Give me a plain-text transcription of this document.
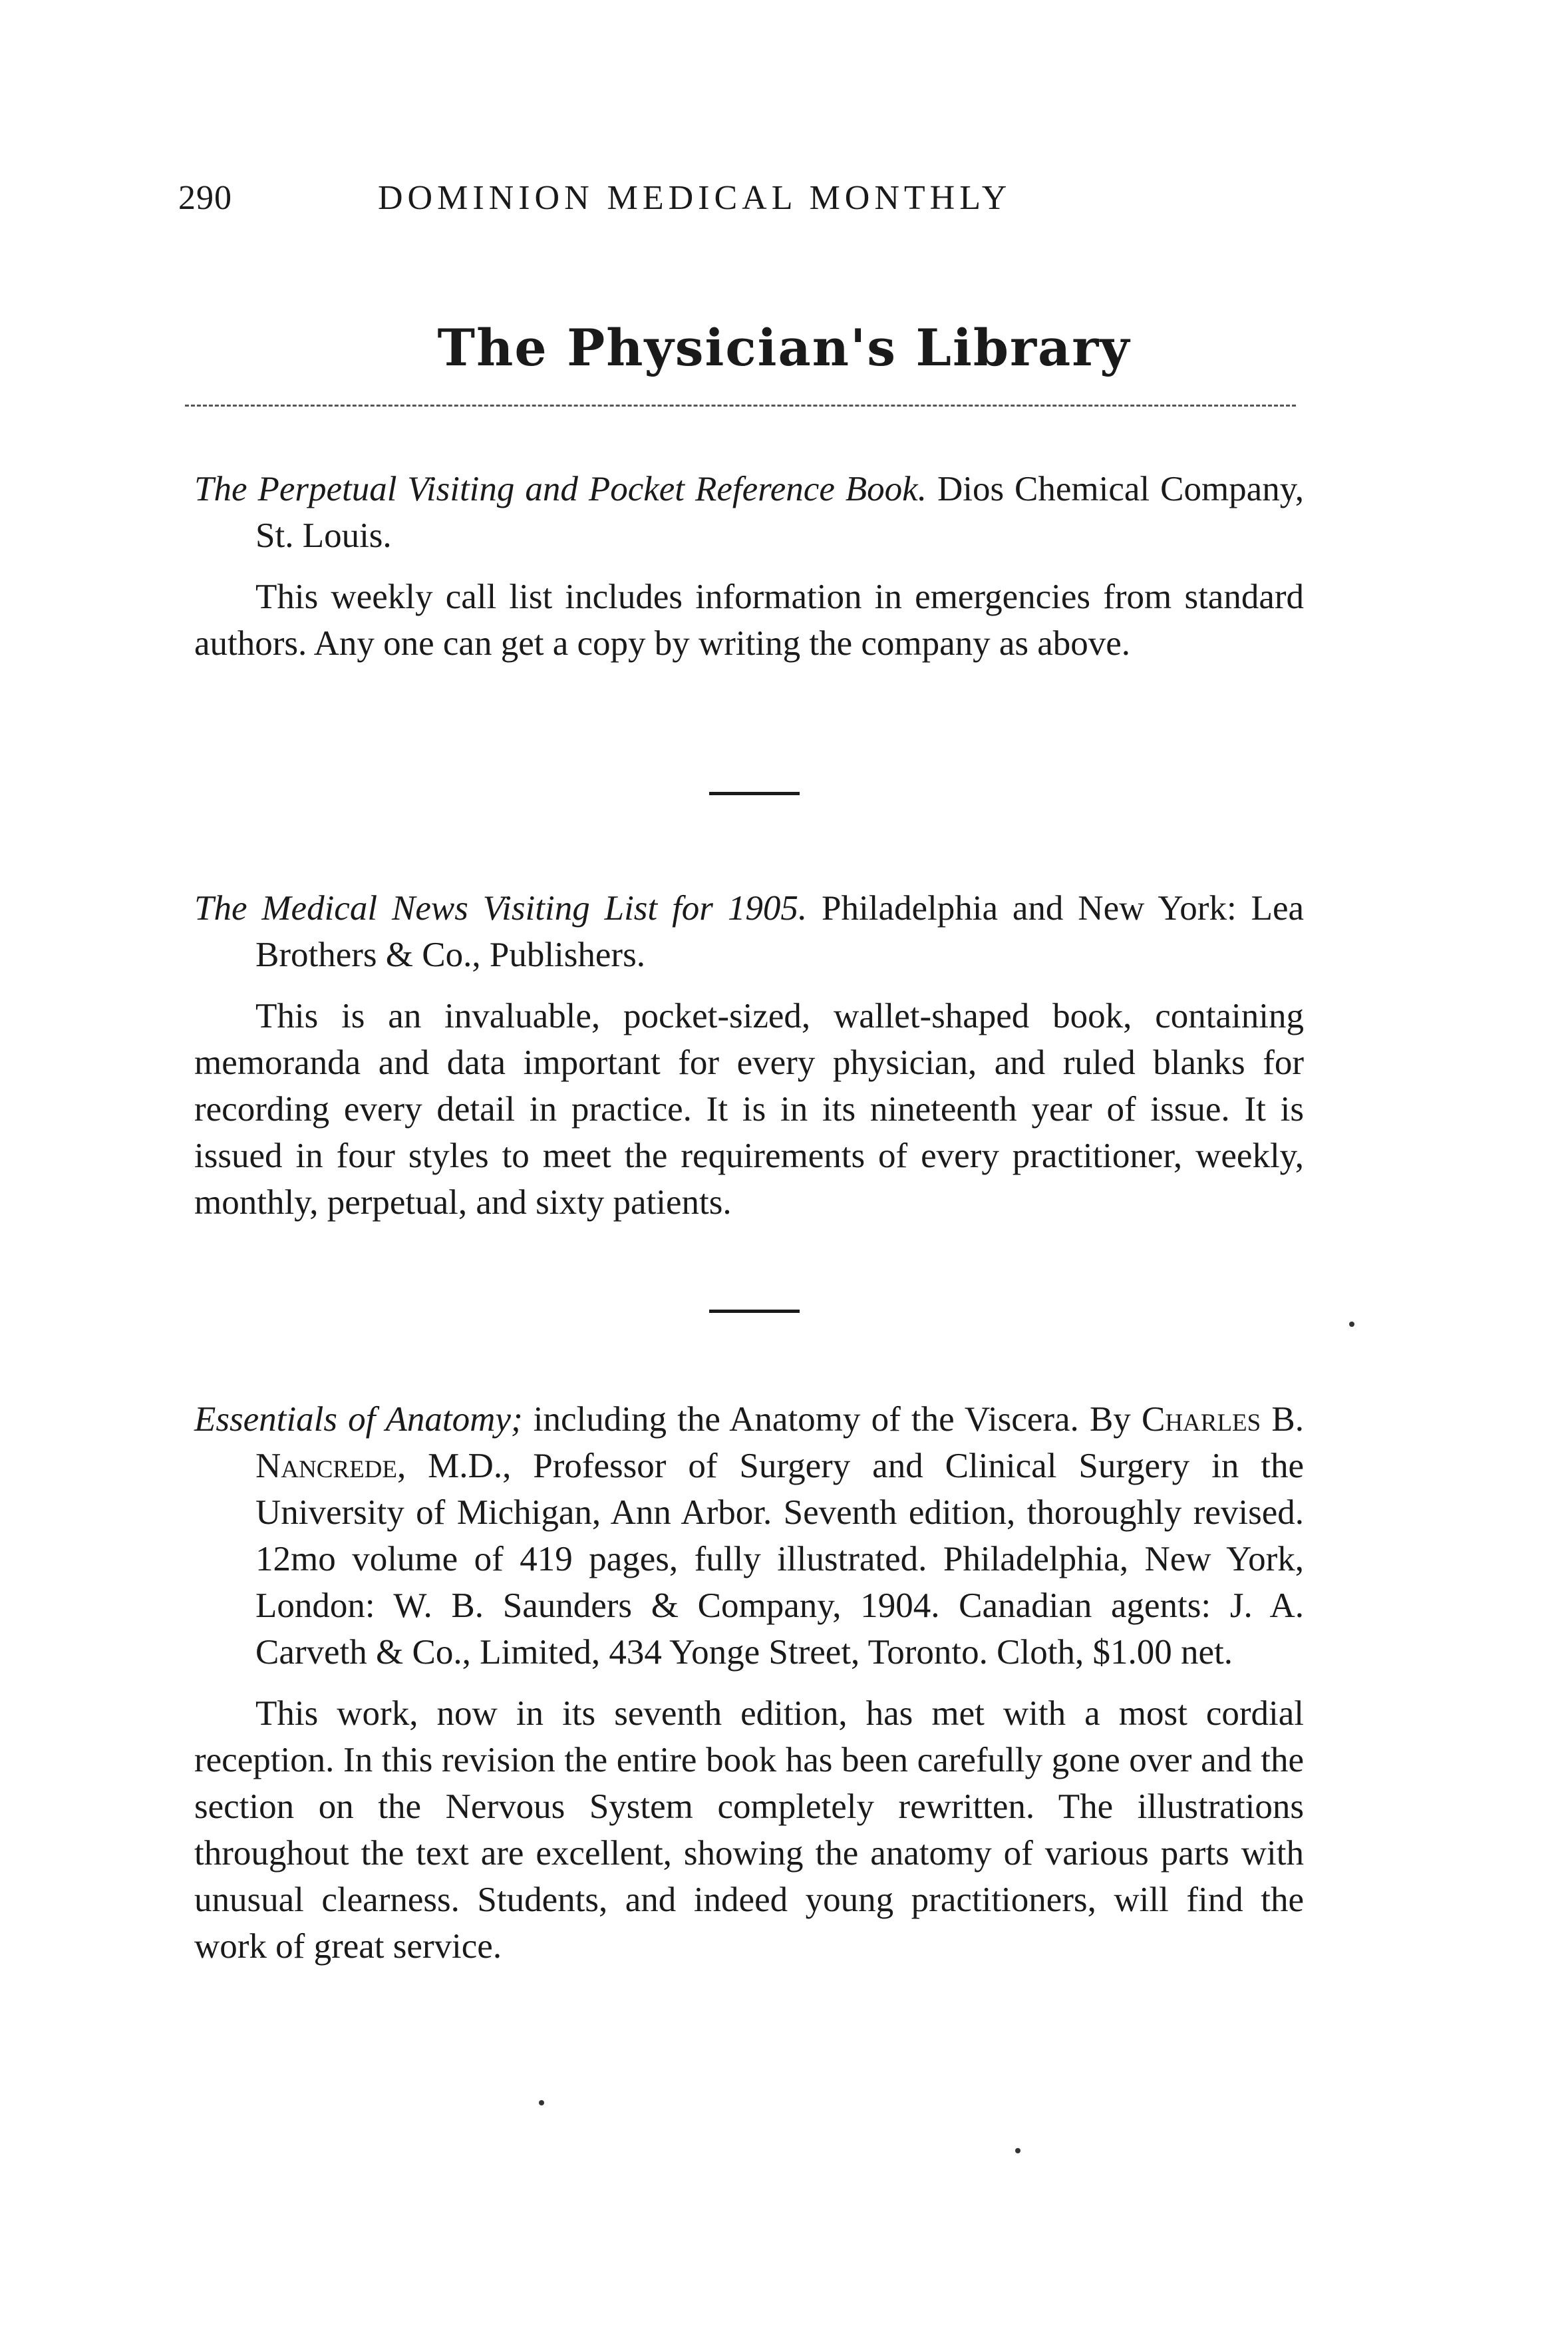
290	DOMINION MEDICAL MONTHLY
The Physician's Library
The Perpetual Visiting and Pocket Reference Book. Dios Chemical Company, St. Louis.
This weekly call list includes information in emergencies from standard authors. Any one can get a copy by writing the company as above.
The Medical News Visiting List for 1905. Philadelphia and New York: Lea Brothers & Co., Publishers.
This is an invaluable, pocket-sized, wallet-shaped book, containing memoranda and data important for every physician, and ruled blanks for recording every detail in practice. It is in its nineteenth year of issue. It is issued in four styles to meet the requirements of every practitioner, weekly, monthly, perpetual, and sixty patients.
Essentials of Anatomy; including the Anatomy of the Viscera. By Charles B. Nancrede, M.D., Professor of Surgery and Clinical Surgery in the University of Michigan, Ann Arbor. Seventh edition, thoroughly revised. 12mo volume of 419 pages, fully illustrated. Philadelphia, New York, London: W. B. Saunders & Company, 1904. Canadian agents: J. A. Carveth & Co., Limited, 434 Yonge Street, Toronto. Cloth, $1.00 net.
This work, now in its seventh edition, has met with a most cordial reception. In this revision the entire book has been carefully gone over and the section on the Nervous System completely rewritten. The illustrations throughout the text are excellent, showing the anatomy of various parts with unusual clearness. Students, and indeed young practitioners, will find the work of great service.
